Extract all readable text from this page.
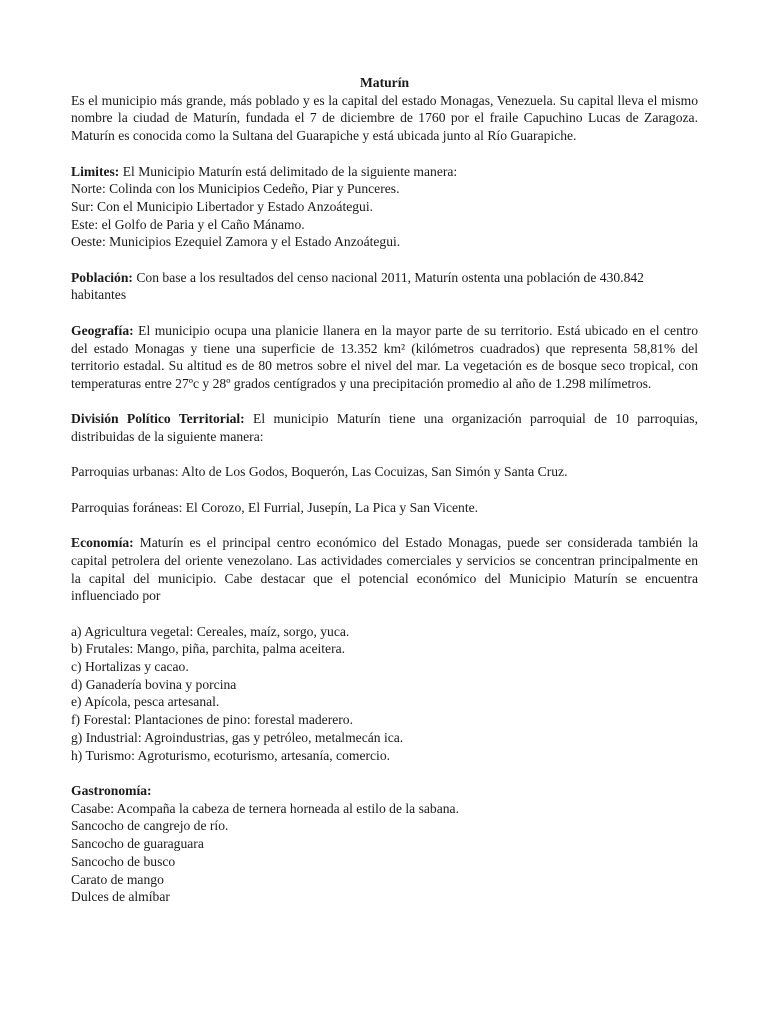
Maturín

Es el municipio más grande, más poblado y es la capital del estado Monagas, Venezuela. Su capital lleva el mismo nombre la ciudad de Maturín, fundada el 7 de diciembre de 1760 por el fraile Capuchino Lucas de Zaragoza. Maturín es conocida como la Sultana del Guarapiche y está ubicada junto al Río Guarapiche.

Limites: El Municipio Maturín está delimitado de la siguiente manera:

Norte: Colinda con los Municipios Cedeño, Piar y Punceres.

Sur: Con el Municipio Libertador y Estado Anzoátegui.

Este: el Golfo de Paria y el Caño Mánamo.

Oeste: Municipios Ezequiel Zamora y el Estado Anzoátegui.

Población: Con base a los resultados del censo nacional 2011, Maturín ostenta una población de 430.842 habitantes

Geografía: El municipio ocupa una planicie llanera en la mayor parte de su territorio. Está ubicado en el centro del estado Monagas y tiene una superficie de 13.352 km² (kilómetros cuadrados) que representa 58,81% del territorio estadal. Su altitud es de 80 metros sobre el nivel del mar. La vegetación es de bosque seco tropical, con temperaturas entre 27ºc y 28º grados centígrados y una precipitación promedio al año de 1.298 milímetros.

División Político Territorial: El municipio Maturín tiene una organización parroquial de 10 parroquias, distribuidas de la siguiente manera:

Parroquias urbanas: Alto de Los Godos, Boquerón, Las Cocuizas, San Simón y Santa Cruz.

Parroquias foráneas: El Corozo, El Furrial, Jusepín, La Pica y San Vicente.

Economía: Maturín es el principal centro económico del Estado Monagas, puede ser considerada también la capital petrolera del oriente venezolano. Las actividades comerciales y servicios se concentran principalmente en la capital del municipio. Cabe destacar que el potencial económico del Municipio Maturín se encuentra influenciado por

a) Agricultura vegetal: Cereales, maíz, sorgo, yuca.

b) Frutales: Mango, piña, parchita, palma aceitera.

c) Hortalizas y cacao.

d) Ganadería bovina y porcina

e) Apícola, pesca artesanal.

f) Forestal: Plantaciones de pino: forestal maderero.

g) Industrial: Agroindustrias, gas y petróleo, metalmecán ica.

h) Turismo: Agroturismo, ecoturismo, artesanía, comercio.

Gastronomía:

Casabe: Acompaña la cabeza de ternera horneada al estilo de la sabana.

Sancocho de cangrejo de río.

Sancocho de guaraguara

Sancocho de busco

Carato de mango

Dulces de almíbar
